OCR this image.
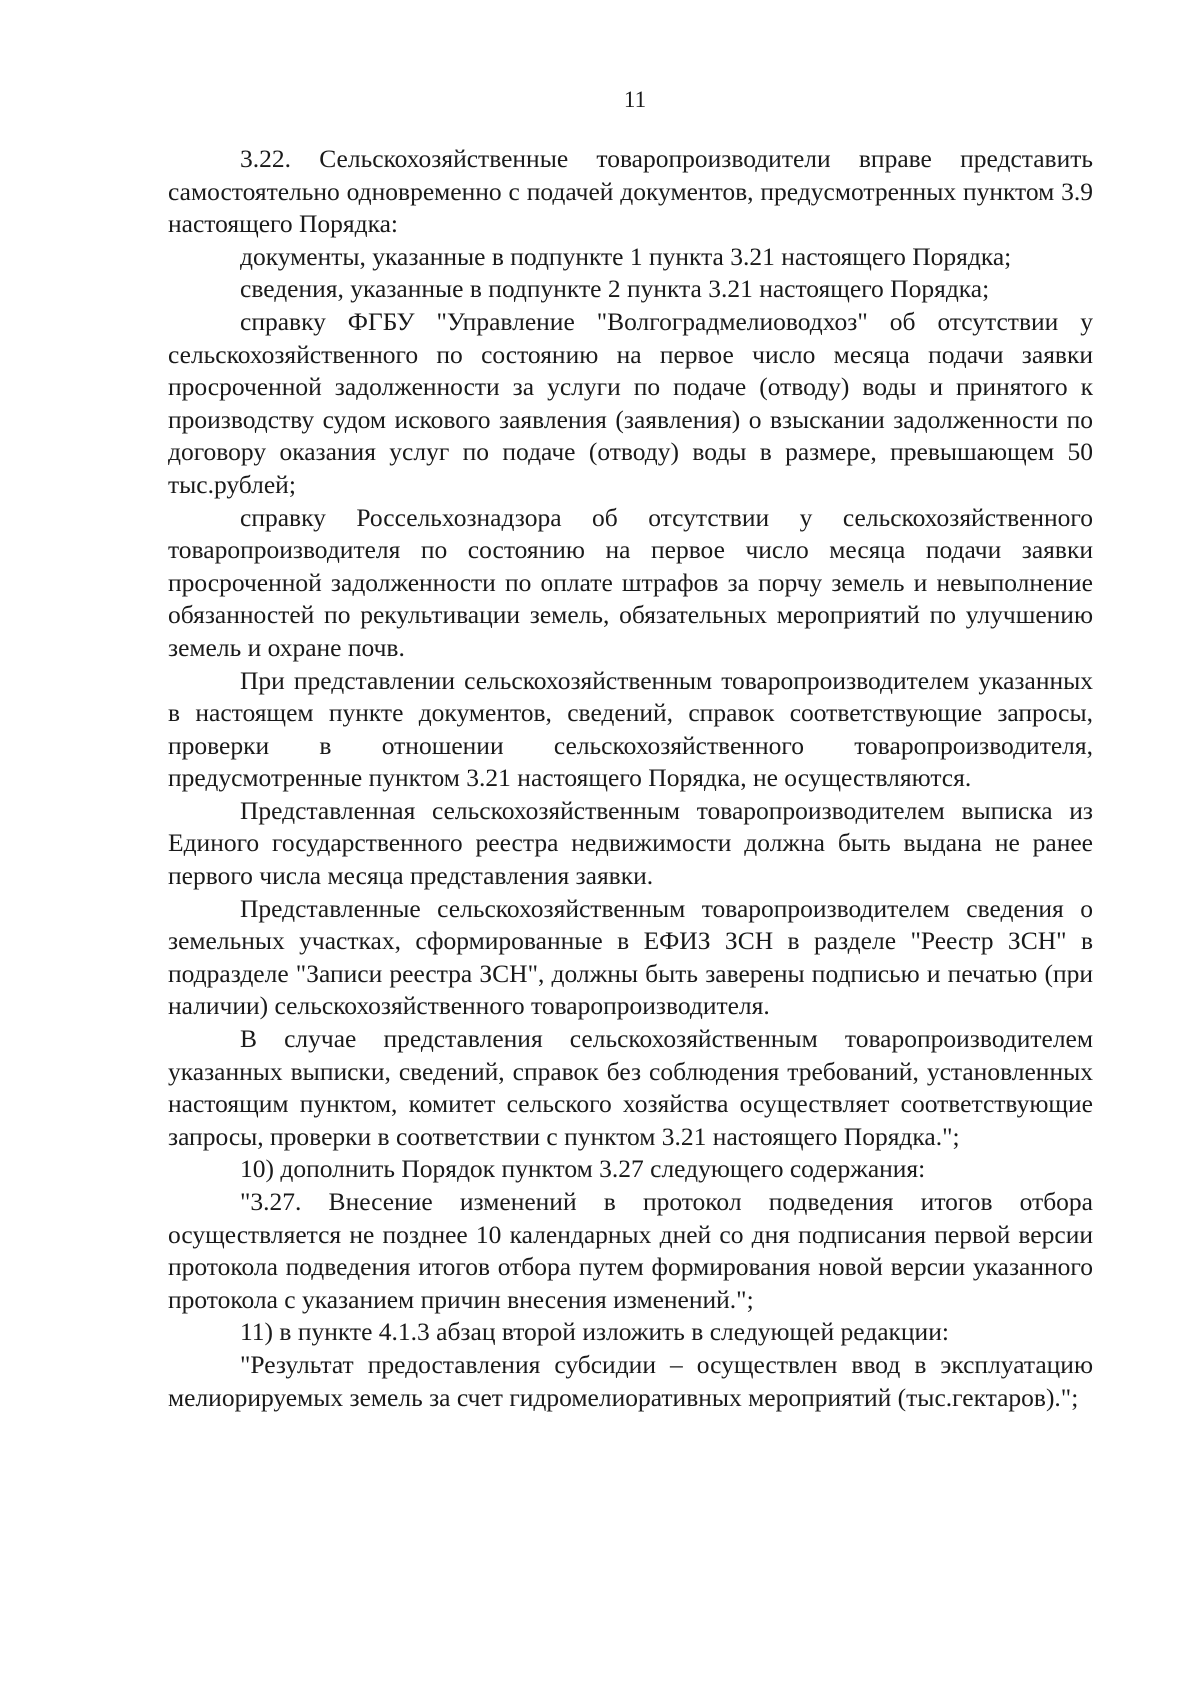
11

3.22. Сельскохозяйственные товаропроизводители вправе представить самостоятельно одновременно с подачей документов, предусмотренных пунктом 3.9 настоящего Порядка:

документы, указанные в подпункте 1 пункта 3.21 настоящего Порядка;

сведения, указанные в подпункте 2 пункта 3.21 настоящего Порядка;

справку ФГБУ "Управление "Волгоградмелиоводхоз" об отсутствии у сельскохозяйственного по состоянию на первое число месяца подачи заявки просроченной задолженности за услуги по подаче (отводу) воды и принятого к производству судом искового заявления (заявления) о взыскании задолженности по договору оказания услуг по подаче (отводу) воды в размере, превышающем 50 тыс.рублей;

справку Россельхознадзора об отсутствии у сельскохозяйственного товаропроизводителя по состоянию на первое число месяца подачи заявки просроченной задолженности по оплате штрафов за порчу земель и невыполнение обязанностей по рекультивации земель, обязательных мероприятий по улучшению земель и охране почв.

При представлении сельскохозяйственным товаропроизводителем указанных в настоящем пункте документов, сведений, справок соответствующие запросы, проверки в отношении сельскохозяйственного товаропроизводителя, предусмотренные пунктом 3.21 настоящего Порядка, не осуществляются.

Представленная сельскохозяйственным товаропроизводителем выписка из Единого государственного реестра недвижимости должна быть выдана не ранее первого числа месяца представления заявки.

Представленные сельскохозяйственным товаропроизводителем сведения о земельных участках, сформированные в ЕФИЗ ЗСН в разделе "Реестр ЗСН" в подразделе "Записи реестра ЗСН", должны быть заверены подписью и печатью (при наличии) сельскохозяйственного товаропроизводителя.

В случае представления сельскохозяйственным товаропроизводителем указанных выписки, сведений, справок без соблюдения требований, установленных настоящим пунктом, комитет сельского хозяйства осуществляет соответствующие запросы, проверки в соответствии с пунктом 3.21 настоящего Порядка.";

10) дополнить Порядок пунктом 3.27 следующего содержания:

"3.27. Внесение изменений в протокол подведения итогов отбора осуществляется не позднее 10 календарных дней со дня подписания первой версии протокола подведения итогов отбора путем формирования новой версии указанного протокола с указанием причин внесения изменений.";

11) в пункте 4.1.3 абзац второй изложить в следующей редакции:

"Результат предоставления субсидии – осуществлен ввод в эксплуатацию мелиорируемых земель за счет гидромелиоративных мероприятий (тыс.гектаров).";
